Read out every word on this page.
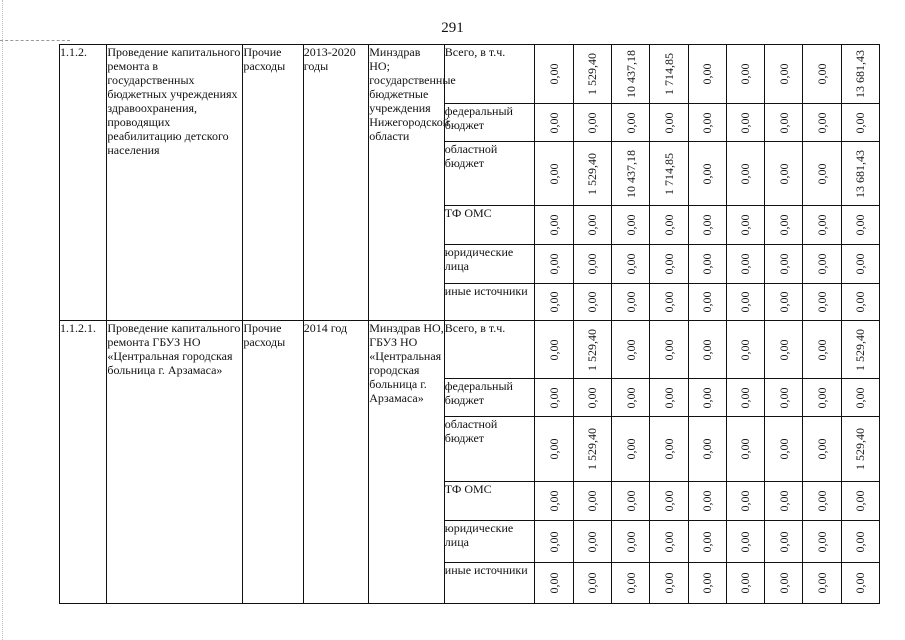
291
1.1.2.	Проведение капитального ремонта в государственных бюджетных учреждениях здравоохранения, проводящих реабилитацию детского населения	Прочие расходы	2013-2020 годы	Минздрав НО; государственные бюджетные учреждения Нижегородской области	Всего, в т.ч.	0,00	1 529,40	10 437,18	1 714,85	0,00	0,00	0,00	0,00	13 681,43

					федеральный бюджет	0,00	0,00	0,00	0,00	0,00	0,00	0,00	0,00	0,00

					областной бюджет	0,00	1 529,40	10 437,18	1 714,85	0,00	0,00	0,00	0,00	13 681,43

					ТФ ОМС	0,00	0,00	0,00	0,00	0,00	0,00	0,00	0,00	0,00

					юридические лица	0,00	0,00	0,00	0,00	0,00	0,00	0,00	0,00	0,00

					иные источники	0,00	0,00	0,00	0,00	0,00	0,00	0,00	0,00	0,00

1.1.2.1.	Проведение капитального ремонта ГБУЗ НО «Центральная городская больница г. Арзамаса»	Прочие расходы	2014 год	Минздрав НО, ГБУЗ НО «Центральная городская больница г. Арзамаса»	Всего, в т.ч.	0,00	1 529,40	0,00	0,00	0,00	0,00	0,00	0,00	1 529,40

					федеральный бюджет	0,00	0,00	0,00	0,00	0,00	0,00	0,00	0,00	0,00

					областной бюджет	0,00	1 529,40	0,00	0,00	0,00	0,00	0,00	0,00	1 529,40

					ТФ ОМС	0,00	0,00	0,00	0,00	0,00	0,00	0,00	0,00	0,00

					юридические лица	0,00	0,00	0,00	0,00	0,00	0,00	0,00	0,00	0,00

					иные источники	0,00	0,00	0,00	0,00	0,00	0,00	0,00	0,00	0,00
